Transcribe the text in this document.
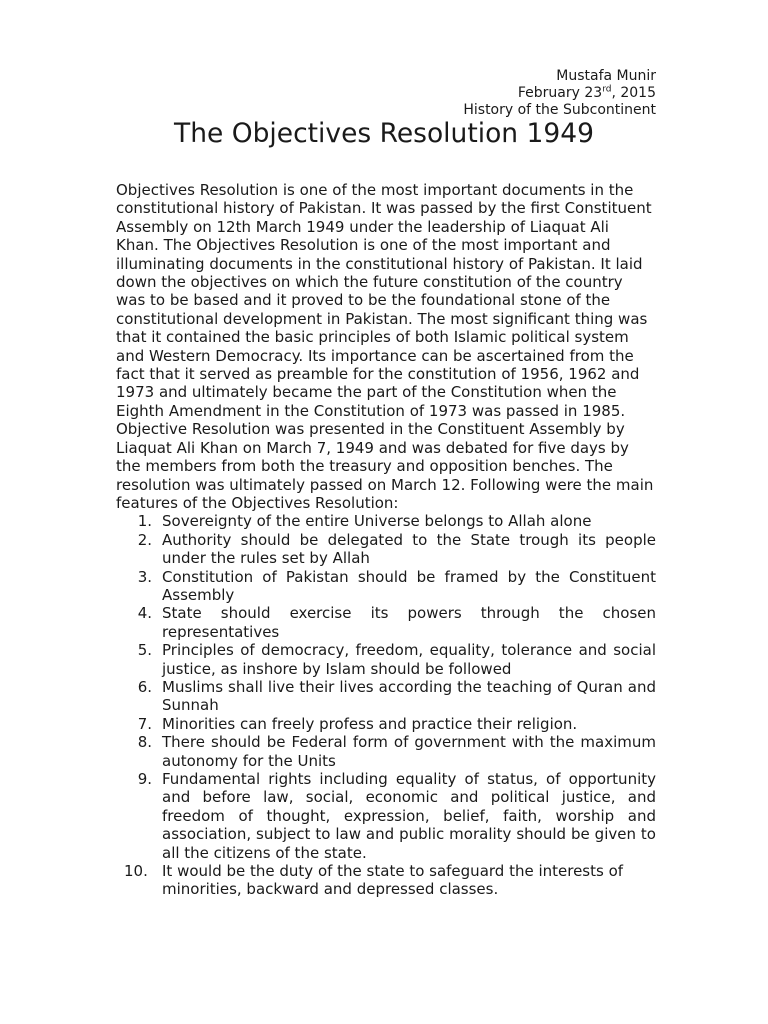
Mustafa Munir
February 23rd, 2015
History of the Subcontinent
The Objectives Resolution 1949

Objectives Resolution is one of the most important documents in the constitutional history of Pakistan. It was passed by the first Constituent Assembly on 12th March 1949 under the leadership of Liaquat Ali Khan. The Objectives Resolution is one of the most important and illuminating documents in the constitutional history of Pakistan. It laid down the objectives on which the future constitution of the country was to be based and it proved to be the foundational stone of the constitutional development in Pakistan. The most significant thing was that it contained the basic principles of both Islamic political system and Western Democracy. Its importance can be ascertained from the fact that it served as preamble for the constitution of 1956, 1962 and 1973 and ultimately became the part of the Constitution when the Eighth Amendment in the Constitution of 1973 was passed in 1985.

Objective Resolution was presented in the Constituent Assembly by Liaquat Ali Khan on March 7, 1949 and was debated for five days by the members from both the treasury and opposition benches. The resolution was ultimately passed on March 12. Following were the main features of the Objectives Resolution:

1. Sovereignty of the entire Universe belongs to Allah alone
2. Authority should be delegated to the State trough its people under the rules set by Allah
3. Constitution of Pakistan should be framed by the Constituent Assembly
4. State should exercise its powers through the chosen representatives
5. Principles of democracy, freedom, equality, tolerance and social justice, as inshore by Islam should be followed
6. Muslims shall live their lives according the teaching of Quran and Sunnah
7. Minorities can freely profess and practice their religion.
8. There should be Federal form of government with the maximum autonomy for the Units
9. Fundamental rights including equality of status, of opportunity and before law, social, economic and political justice, and freedom of thought, expression, belief, faith, worship and association, subject to law and public morality should be given to all the citizens of the state.
10. It would be the duty of the state to safeguard the interests of minorities, backward and depressed classes.
